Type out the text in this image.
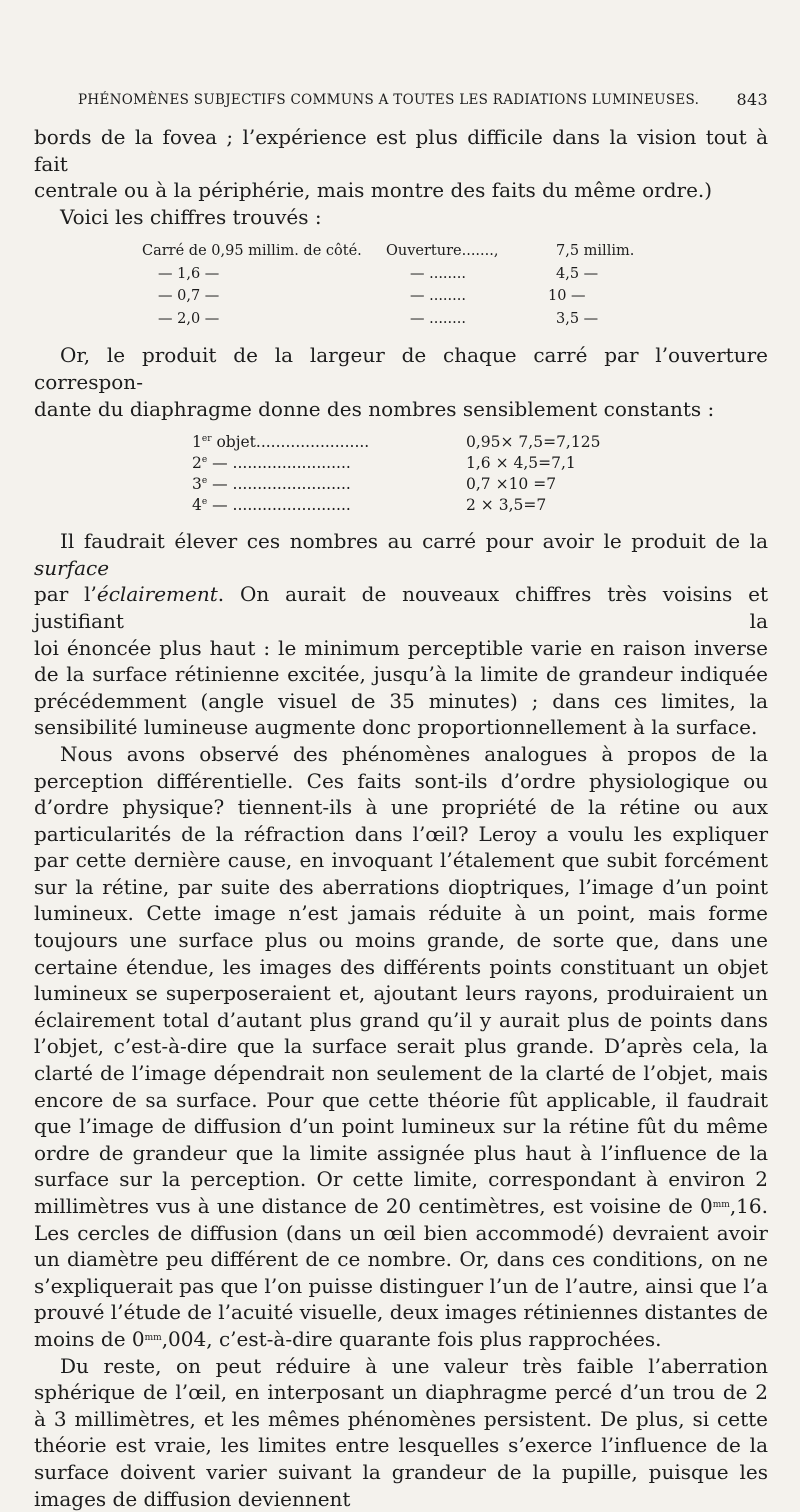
PHÉNOMÈNES SUBJECTIFS COMMUNS A TOUTES LES RADIATIONS LUMINEUSES. 843

bords de la fovea ; l’expérience est plus difficile dans la vision tout à fait

centrale ou à la périphérie, mais montre des faits du même ordre.)

Voici les chiffres trouvés :

Carré de 0,95 millim. de côté. Ouverture.......,	7,5 millim.
— 1,6 —	— ........	4,5 —
— 0,7 —	— ........	10 —
— 2,0 —	— ........	3,5 —

Or, le produit de la largeur de chaque carré par l’ouverture correspon-

dante du diaphragme donne des nombres sensiblement constants :

1er objet.......................	0,95× 7,5=7,125
2e — ........................	1,6 × 4,5=7,1
3e — ........................	0,7 ×10 =7
4e — ........................	2 × 3,5=7

Il faudrait élever ces nombres au carré pour avoir le produit de la surface

par l’éclairement. On aurait de nouveaux chiffres très voisins et justifiant la

loi énoncée plus haut : le minimum perceptible varie en raison inverse de la surface rétinienne excitée, jusqu’à la limite de grandeur indiquée précédemment (angle visuel de 35 minutes) ; dans ces limites, la sensibilité lumineuse augmente donc proportionnellement à la surface.

Nous avons observé des phénomènes analogues à propos de la perception différentielle. Ces faits sont-ils d’ordre physiologique ou d’ordre physique? tiennent-ils à une propriété de la rétine ou aux particularités de la réfraction dans l’œil? Leroy a voulu les expliquer par cette dernière cause, en invoquant l’étalement que subit forcément sur la rétine, par suite des aberrations dioptriques, l’image d’un point lumineux. Cette image n’est jamais réduite à un point, mais forme toujours une surface plus ou moins grande, de sorte que, dans une certaine étendue, les images des différents points constituant un objet lumineux se superposeraient et, ajoutant leurs rayons, produiraient un éclairement total d’autant plus grand qu’il y aurait plus de points dans l’objet, c’est-à-dire que la surface serait plus grande. D’après cela, la clarté de l’image dépendrait non seulement de la clarté de l’objet, mais encore de sa surface. Pour que cette théorie fût applicable, il faudrait que l’image de diffusion d’un point lumineux sur la rétine fût du même ordre de grandeur que la limite assignée plus haut à l’influence de la surface sur la perception. Or cette limite, correspondant à environ 2 millimètres vus à une distance de 20 centimètres, est voisine de $0^{mm},16$. Les cercles de diffusion (dans un œil bien accommodé) devraient avoir un diamètre peu différent de ce nombre. Or, dans ces conditions, on ne s’expliquerait pas que l’on puisse distinguer l’un de l’autre, ainsi que l’a prouvé l’étude de l’acuité visuelle, deux images rétiniennes distantes de moins de $0^{mm},004$, c’est-à-dire quarante fois plus rapprochées.

Du reste, on peut réduire à une valeur très faible l’aberration sphérique de l’œil, en interposant un diaphragme percé d’un trou de 2 à 3 millimètres, et les mêmes phénomènes persistent. De plus, si cette théorie est vraie, les limites entre lesquelles s’exerce l’influence de la surface doivent varier suivant la grandeur de la pupille, puisque les images de diffusion deviennent
